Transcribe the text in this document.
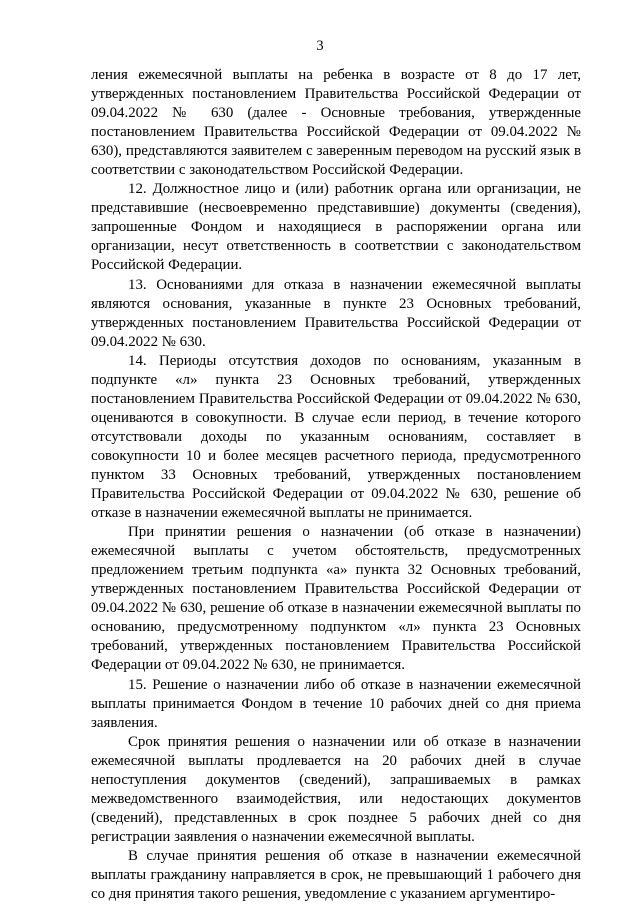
3

ления ежемесячной выплаты на ребенка в возрасте от 8 до 17 лет, утвержденных постановлением Правительства Российской Федерации от 09.04.2022 № 630 (далее - Основные требования, утвержденные постановлением Правительства Российской Федерации от 09.04.2022 № 630), представляются заявителем с заверенным переводом на русский язык в соответствии с законодательством Российской Федерации.

12. Должностное лицо и (или) работник органа или организации, не представившие (несвоевременно представившие) документы (сведения), запрошенные Фондом и находящиеся в распоряжении органа или организации, несут ответственность в соответствии с законодательством Российской Федерации.

13. Основаниями для отказа в назначении ежемесячной выплаты являются основания, указанные в пункте 23 Основных требований, утвержденных постановлением Правительства Российской Федерации от 09.04.2022 № 630.

14. Периоды отсутствия доходов по основаниям, указанным в подпункте «л» пункта 23 Основных требований, утвержденных постановлением Правительства Российской Федерации от 09.04.2022 № 630, оцениваются в совокупности. В случае если период, в течение которого отсутствовали доходы по указанным основаниям, составляет в совокупности 10 и более месяцев расчетного периода, предусмотренного пунктом 33 Основных требований, утвержденных постановлением Правительства Российской Федерации от 09.04.2022 № 630, решение об отказе в назначении ежемесячной выплаты не принимается.

При принятии решения о назначении (об отказе в назначении) ежемесячной выплаты с учетом обстоятельств, предусмотренных предложением третьим подпункта «а» пункта 32 Основных требований, утвержденных постановлением Правительства Российской Федерации от 09.04.2022 № 630, решение об отказе в назначении ежемесячной выплаты по основанию, предусмотренному подпунктом «л» пункта 23 Основных требований, утвержденных постановлением Правительства Российской Федерации от 09.04.2022 № 630, не принимается.

15. Решение о назначении либо об отказе в назначении ежемесячной выплаты принимается Фондом в течение 10 рабочих дней со дня приема заявления.

Срок принятия решения о назначении или об отказе в назначении ежемесячной выплаты продлевается на 20 рабочих дней в случае непоступления документов (сведений), запрашиваемых в рамках межведомственного взаимодействия, или недостающих документов (сведений), представленных в срок позднее 5 рабочих дней со дня регистрации заявления о назначении ежемесячной выплаты.

В случае принятия решения об отказе в назначении ежемесячной выплаты гражданину направляется в срок, не превышающий 1 рабочего дня со дня принятия такого решения, уведомление с указанием аргументиро-
